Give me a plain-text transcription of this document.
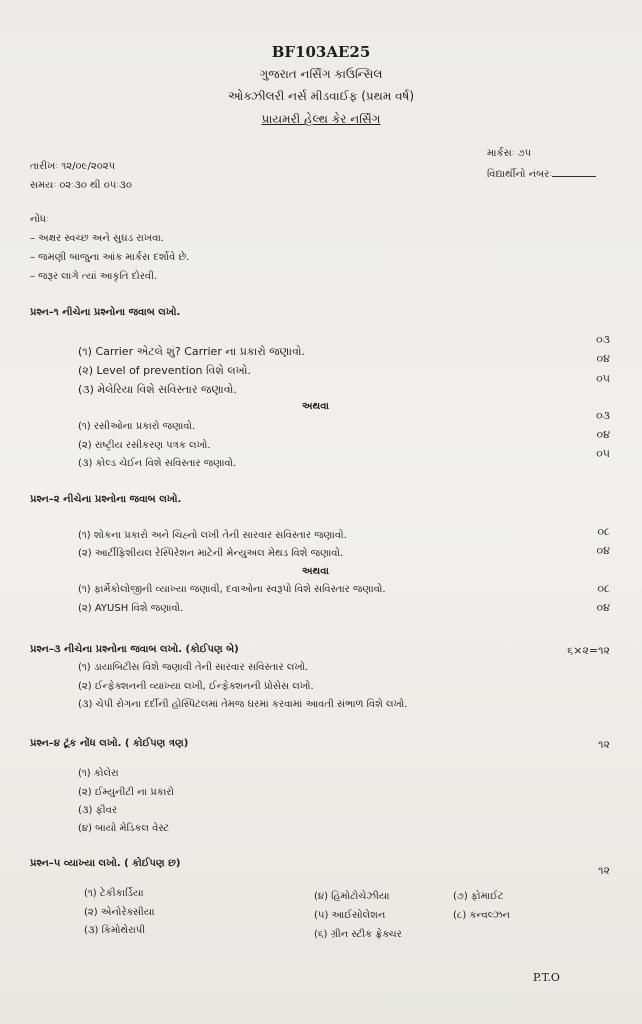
BF103AE25
ગુજરાત નર્સિંગ કાઉન્સિલ
ઓક્ઝીલરી નર્સ મીડવાઈફ (પ્રથમ વર્ષ)
પ્રાયમરી હેલ્થ કેર નર્સિંગ
માર્કસઃ ૭૫
વિદ્યાર્થીનો નંબરઃ
તારીખઃ ૧૨/૦૯/૨૦૨૫
સમયઃ ૦૨ઃ૩૦ થી ૦૫ઃ૩૦
નોંધઃ
– અક્ષર સ્વચ્છ અને સુઘડ રાખવા.
– જમણી બાજુના આંક માર્કસ દર્શાવે છે.
– જરૂર લાગે ત્યાં આકૃતિ દોરવી.
પ્રશ્ન–૧ નીચેના પ્રશ્નોના જવાબ લખો.
૦૩
(૧) Carrier એટલે શું? Carrier ના પ્રકારો જણાવો.
૦૪
(૨) Level of prevention વિશે લખો.
૦૫
(૩) મેલેરિયા વિશે સવિસ્તાર જણાવો.
અથવા
૦૩
(૧) રસીઓના પ્રકારો જણાવો.
૦૪
(૨) રાષ્ટ્રીય રસીકરણ પત્રક લખો.
૦૫
(૩) કોલ્ડ ચેઈન વિશે સવિસ્તાર જણાવો.
પ્રશ્ન–૨ નીચેના પ્રશ્નોના જવાબ લખો.
૦૮
(૧) શોકના પ્રકારો અને ચિહ્નો લખી તેની સારવાર સવિસ્તાર જણાવો.
૦૪
(૨) આર્ટીફિશીયલ રેસ્પિરેશન માટેની મેન્યુઅલ મેથડ વિશે જણાવો.
અથવા
૦૮
(૧) ફાર્મેકોલોજીની વ્યાખ્યા જણાવી, દવાઓના સ્વરૂપો વિશે સવિસ્તાર જણાવો.
૦૪
(૨) AYUSH વિશે જણાવો.
પ્રશ્ન–૩ નીચેના પ્રશ્નોના જવાબ લખો. (કોઈપણ બે)	૬×૨=૧૨
(૧) ડાયાબિટીસ વિશે જણાવી તેની સારવાર સવિસ્તાર લખો.
(૨) ઈન્ફેક્શનની વ્યાખ્યા લખી, ઈન્ફેક્શનની પ્રોસેસ લખો.
(૩) ચેપી રોગના દર્દીની હોસ્પિટલમાં તેમજ ઘરમાં કરવામાં આવતી સંભાળ વિશે લખો.
પ્રશ્ન–૪ ટૂંક નોંધ લખો. ( કોઈપણ ત્રણ)	૧૨
(૧) કોલેરા
(૨) ઈમ્યુનીટી ના પ્રકારો
(૩) ફીવર
(૪) બાયો મેડિકલ વેસ્ટ
પ્રશ્ન–૫ વ્યાખ્યા લખો. ( કોઈપણ છ)
૧૨
(૧) ટેકીકાર્ડિયા
(૨) એનોરેક્સીયા
(૩) કિમોથેરાપી
(૪) હિમોટોચેઝીયા
(૫) આઈસોલેશન
(૬) ગ્રીન સ્ટીક ફ્રેક્ચર
(૭) ફોમાઈટ
(૮) કન્વલ્ઝન
P.T.O
